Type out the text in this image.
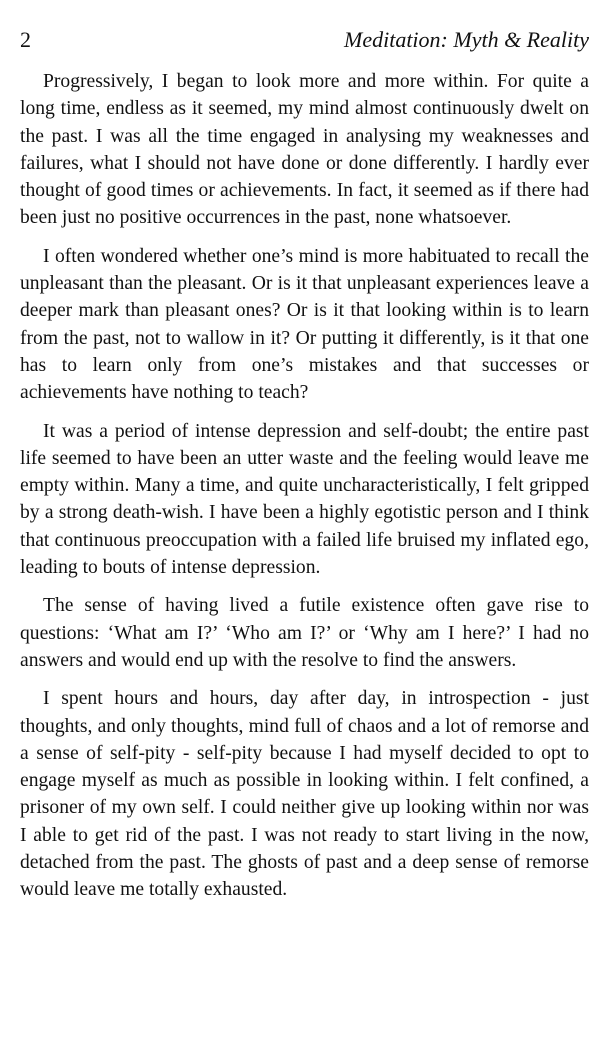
2	Meditation: Myth & Reality

Progressively, I began to look more and more within. For quite a long time, endless as it seemed, my mind almost continuously dwelt on the past. I was all the time engaged in analysing my weaknesses and failures, what I should not have done or done differently. I hardly ever thought of good times or achievements. In fact, it seemed as if there had been just no positive occurrences in the past, none whatsoever.

I often wondered whether one’s mind is more habituated to recall the unpleasant than the pleasant. Or is it that unpleasant experiences leave a deeper mark than pleasant ones? Or is it that looking within is to learn from the past, not to wallow in it? Or putting it differently, is it that one has to learn only from one’s mistakes and that successes or achievements have nothing to teach?

It was a period of intense depression and self-doubt; the entire past life seemed to have been an utter waste and the feeling would leave me empty within. Many a time, and quite uncharacteristically, I felt gripped by a strong death-wish. I have been a highly egotistic person and I think that continuous preoccupation with a failed life bruised my inflated ego, leading to bouts of intense depression.

The sense of having lived a futile existence often gave rise to questions: ‘What am I?’ ‘Who am I?’ or ‘Why am I here?’ I had no answers and would end up with the resolve to find the answers.

I spent hours and hours, day after day, in introspection - just thoughts, and only thoughts, mind full of chaos and a lot of remorse and a sense of self-pity - self-pity because I had myself decided to opt to engage myself as much as possible in looking within. I felt confined, a prisoner of my own self. I could neither give up looking within nor was I able to get rid of the past. I was not ready to start living in the now, detached from the past. The ghosts of past and a deep sense of remorse would leave me totally exhausted.
